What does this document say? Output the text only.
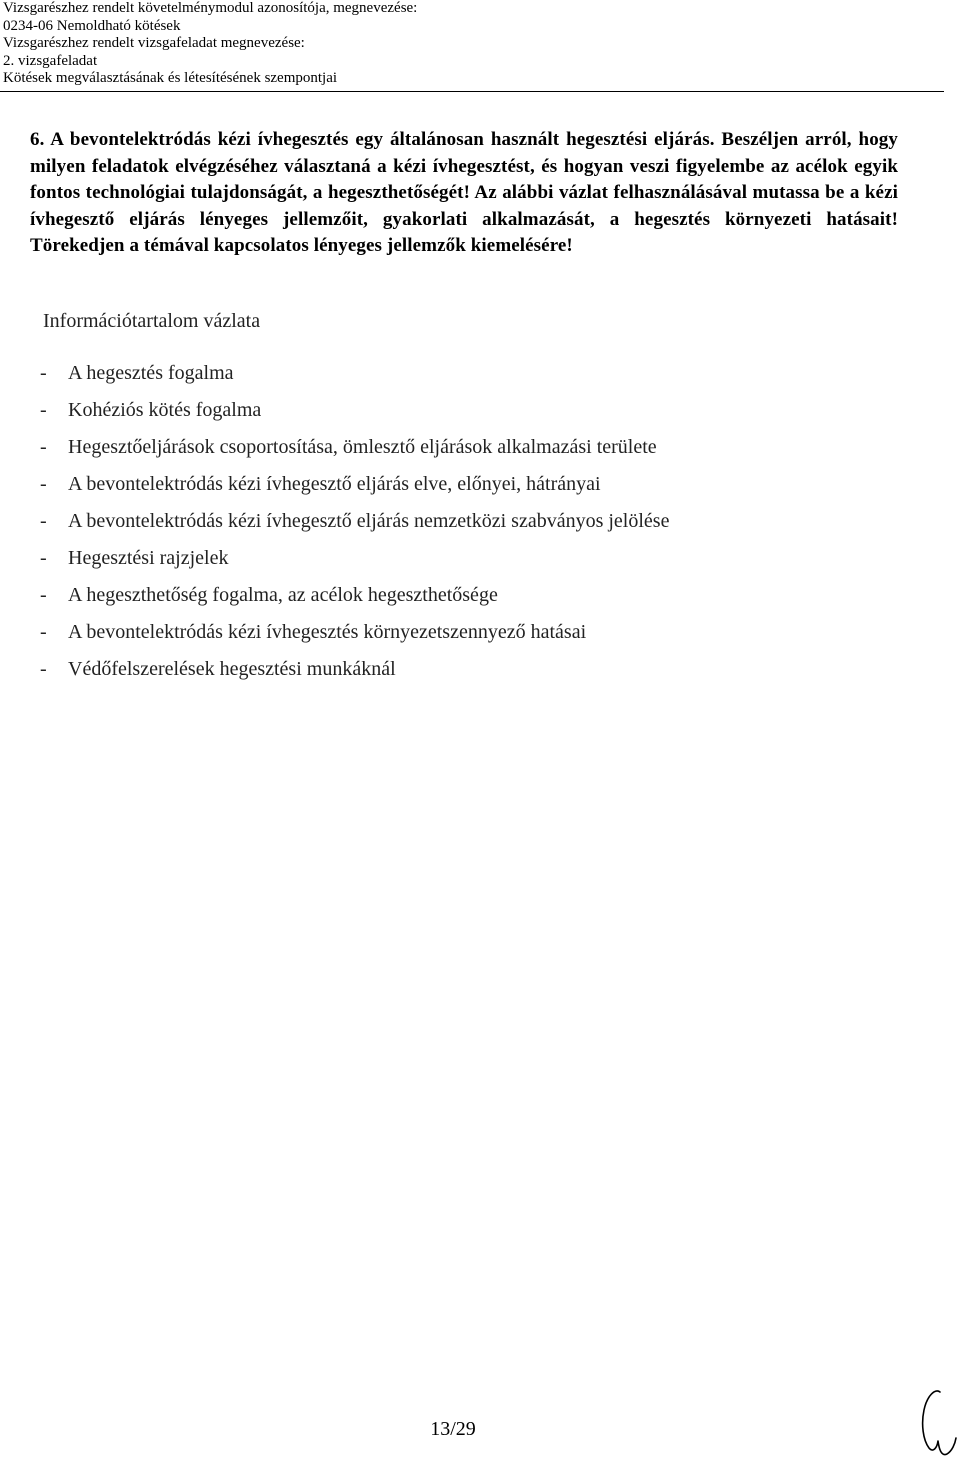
Vizsgarészhez rendelt követelménymodul azonosítója, megnevezése:
0234-06 Nemoldható kötések
Vizsgarészhez rendelt vizsgafeladat megnevezése:
2. vizsgafeladat
Kötések megválasztásának és létesítésének szempontjai

6. A bevontelektródás kézi ívhegesztés egy általánosan használt hegesztési eljárás. Beszéljen arról, hogy milyen feladatok elvégzéséhez választaná a kézi ívhegesztést, és hogyan veszi figyelembe az acélok egyik fontos technológiai tulajdonságát, a hegeszthetőségét! Az alábbi vázlat felhasználásával mutassa be a kézi ívhegesztő eljárás lényeges jellemzőit, gyakorlati alkalmazását, a hegesztés környezeti hatásait! Törekedjen a témával kapcsolatos lényeges jellemzők kiemelésére!

Információtartalom vázlata
- A hegesztés fogalma
- Kohéziós kötés fogalma
- Hegesztőeljárások csoportosítása, ömlesztő eljárások alkalmazási területe
- A bevontelektródás kézi ívhegesztő eljárás elve, előnyei, hátrányai
- A bevontelektródás kézi ívhegesztő eljárás nemzetközi szabványos jelölése
- Hegesztési rajzjelek
- A hegeszthetőség fogalma, az acélok hegeszthetősége
- A bevontelektródás kézi ívhegesztés környezetszennyező hatásai
- Védőfelszerelések hegesztési munkáknál
13/29
